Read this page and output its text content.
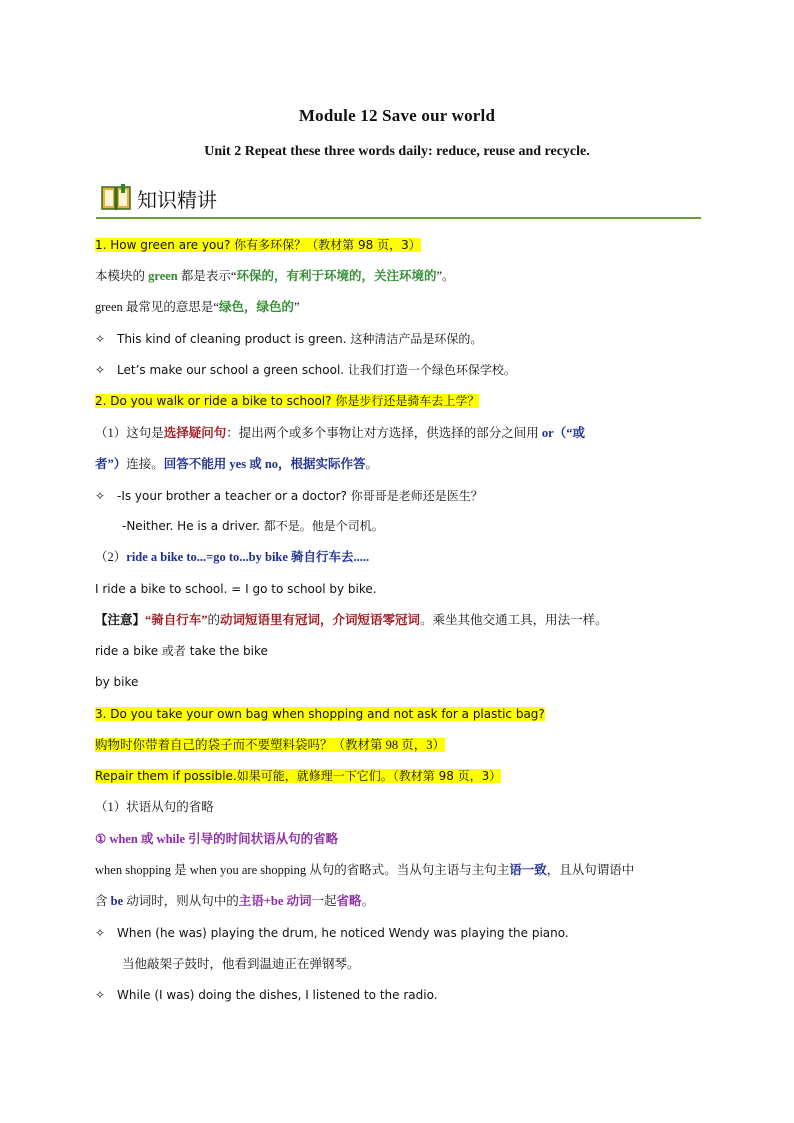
Module 12 Save our world
Unit 2 Repeat these three words daily: reduce, reuse and recycle.
知识精讲
1. How green are you? 你有多环保？（教材第 98 页，3）
本模块的 green 都是表示“环保的，有利于环境的，关注环境的”。
green 最常见的意思是“绿色，绿色的”
✧ This kind of cleaning product is green. 这种清洁产品是环保的。
✧ Let’s make our school a green school. 让我们打造一个绿色环保学校。
2. Do you walk or ride a bike to school? 你是步行还是骑车去上学？
（1）这句是选择疑问句：提出两个或多个事物让对方选择，供选择的部分之间用 or（“或
者”）连接。回答不能用 yes 或 no，根据实际作答。
✧ -Is your brother a teacher or a doctor? 你哥哥是老师还是医生？
-Neither. He is a driver. 都不是。他是个司机。
（2）ride a bike to...=go to...by bike 骑自行车去.....
I ride a bike to school. = I go to school by bike.
【注意】“骑自行车”的动词短语里有冠词，介词短语零冠词。乘坐其他交通工具，用法一样。
ride a bike 或者 take the bike
by bike
3. Do you take your own bag when shopping and not ask for a plastic bag?
购物时你带着自己的袋子而不要塑料袋吗？（教材第 98 页，3）
Repair them if possible.如果可能，就修理一下它们。（教材第 98 页，3）
（1）状语从句的省略
① when 或 while 引导的时间状语从句的省略
when shopping 是 when you are shopping 从句的省略式。当从句主语与主句主语一致，且从句谓语中
含 be 动词时，则从句中的主语+be 动词一起省略。
✧ When (he was) playing the drum, he noticed Wendy was playing the piano.
当他敲架子鼓时，他看到温迪正在弹钢琴。
✧ While (I was) doing the dishes, I listened to the radio.
